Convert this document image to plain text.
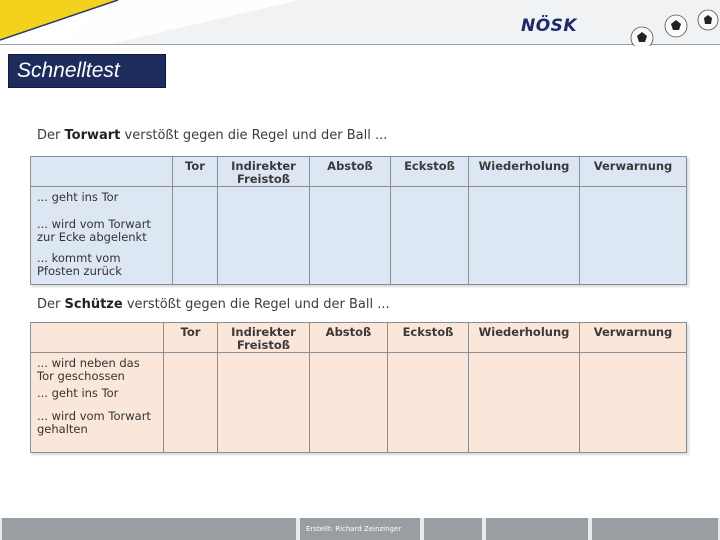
NÖSK
Schnelltest
Der Torwart verstößt gegen die Regel und der Ball ...
	Tor	Indirekter Freistoß	Abstoß	Eckstoß	Wiederholung	Verwarnung

... geht ins Tor
... wird vom Torwart zur Ecke abgelenkt
... kommt vom Pfosten zurück						

Der Schütze verstößt gegen die Regel und der Ball ...
	Tor	Indirekter Freistoß	Abstoß	Eckstoß	Wiederholung	Verwarnung

... wird neben das Tor geschossen
... geht ins Tor
... wird vom Torwart gehalten						

Erstellt: Richard Zeinzinger
